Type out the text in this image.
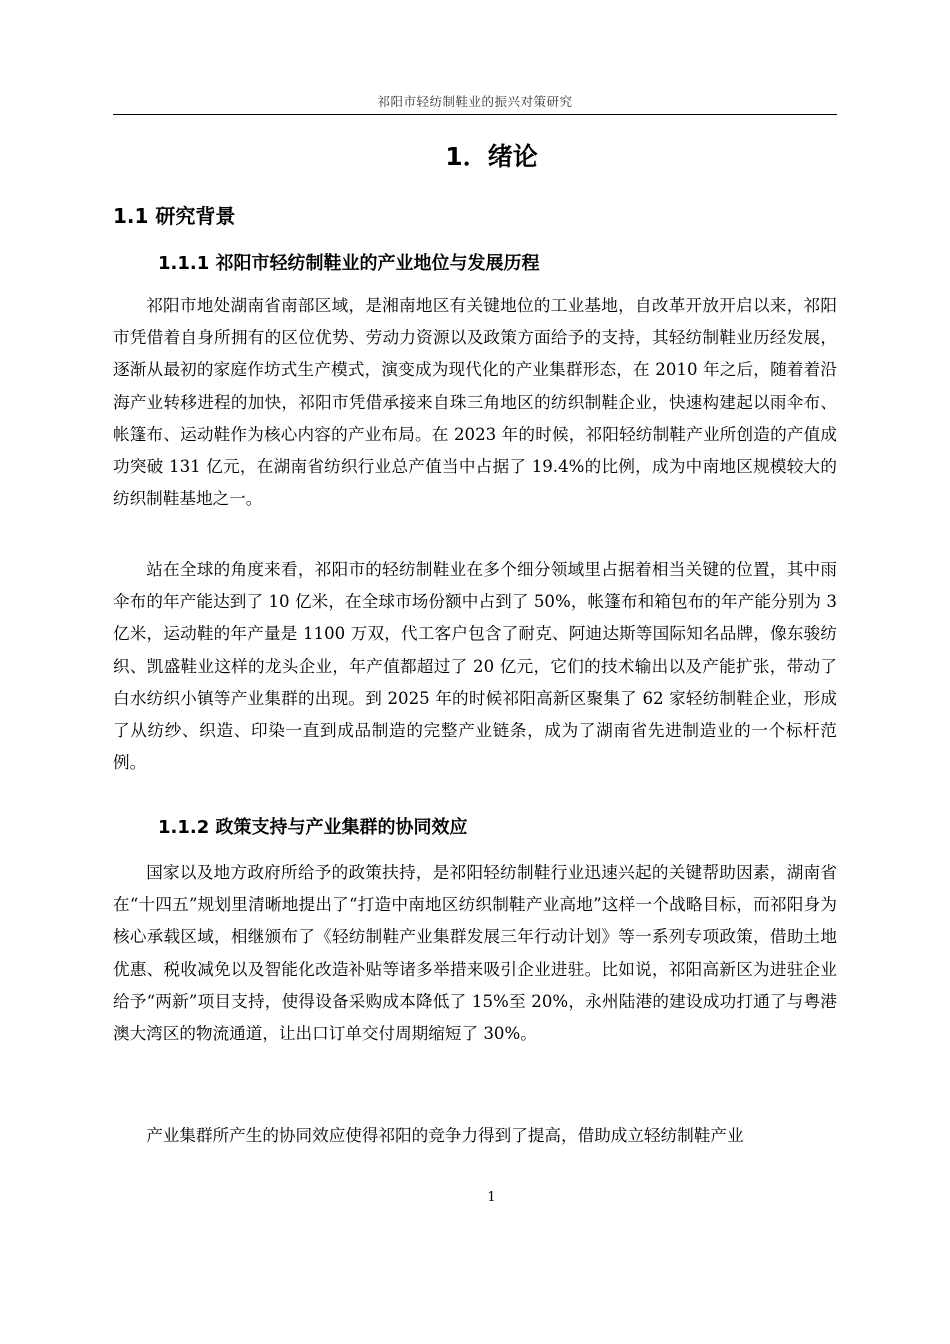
祁阳市轻纺制鞋业的振兴对策研究
1．绪论
1.1 研究背景
1.1.1 祁阳市轻纺制鞋业的产业地位与发展历程

祁阳市地处湖南省南部区域，是湘南地区有关键地位的工业基地，自改革开放开启以来，祁阳市凭借着自身所拥有的区位优势、劳动力资源以及政策方面给予的支持，其轻纺制鞋业历经发展，逐渐从最初的家庭作坊式生产模式，演变成为现代化的产业集群形态，在 2010 年之后，随着着沿海产业转移进程的加快，祁阳市凭借承接来自珠三角地区的纺织制鞋企业，快速构建起以雨伞布、帐篷布、运动鞋作为核心内容的产业布局。在 2023 年的时候，祁阳轻纺制鞋产业所创造的产值成功突破 131 亿元，在湖南省纺织行业总产值当中占据了 19.4%的比例，成为中南地区规模较大的纺织制鞋基地之一。

站在全球的角度来看，祁阳市的轻纺制鞋业在多个细分领域里占据着相当关键的位置，其中雨伞布的年产能达到了 10 亿米，在全球市场份额中占到了 50%，帐篷布和箱包布的年产能分别为 3 亿米，运动鞋的年产量是 1100 万双，代工客户包含了耐克、阿迪达斯等国际知名品牌，像东骏纺织、凯盛鞋业这样的龙头企业，年产值都超过了 20 亿元，它们的技术输出以及产能扩张，带动了白水纺织小镇等产业集群的出现。到 2025 年的时候祁阳高新区聚集了 62 家轻纺制鞋企业，形成了从纺纱、织造、印染一直到成品制造的完整产业链条，成为了湖南省先进制造业的一个标杆范例。

1.1.2 政策支持与产业集群的协同效应

国家以及地方政府所给予的政策扶持，是祁阳轻纺制鞋行业迅速兴起的关键帮助因素，湖南省在“十四五”规划里清晰地提出了“打造中南地区纺织制鞋产业高地”这样一个战略目标，而祁阳身为核心承载区域，相继颁布了《轻纺制鞋产业集群发展三年行动计划》等一系列专项政策，借助土地优惠、税收减免以及智能化改造补贴等诸多举措来吸引企业进驻。比如说，祁阳高新区为进驻企业给予“两新”项目支持，使得设备采购成本降低了 15%至 20%，永州陆港的建设成功打通了与粤港澳大湾区的物流通道，让出口订单交付周期缩短了 30%。

产业集群所产生的协同效应使得祁阳的竞争力得到了提高，借助成立轻纺制鞋产业

1
